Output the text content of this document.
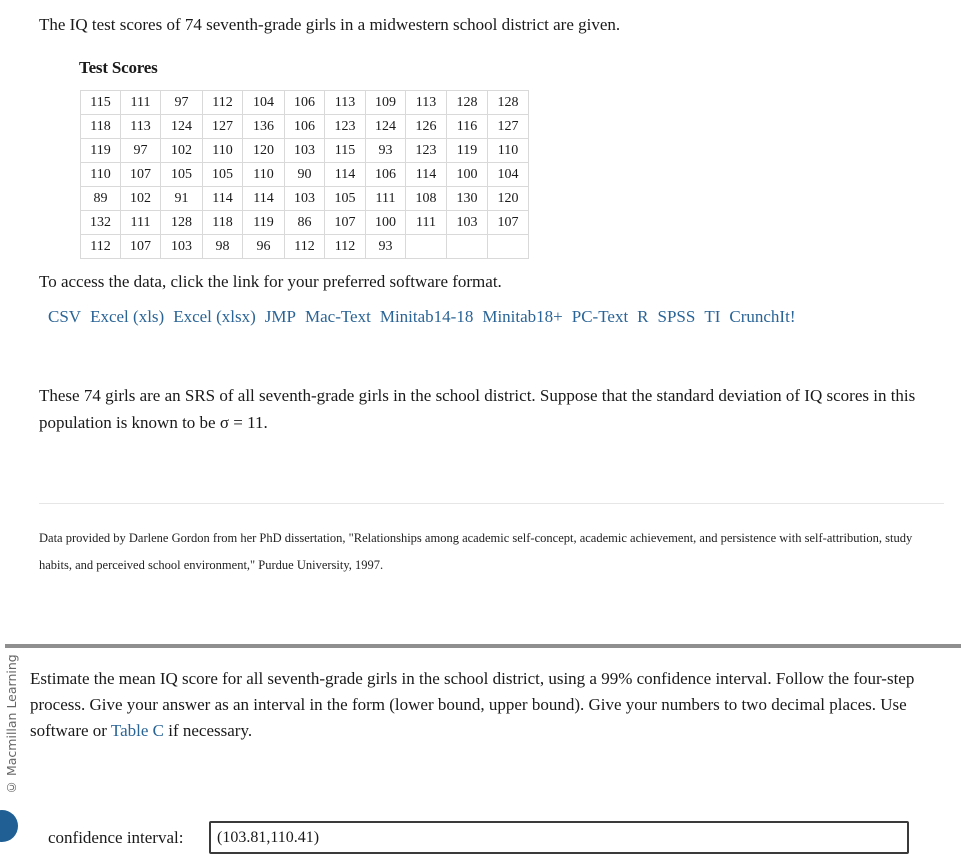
The IQ test scores of 74 seventh-grade girls in a midwestern school district are given.
Test Scores
115	111	97	112	104	106	113	109	113	128	128
118	113	124	127	136	106	123	124	126	116	127
119	97	102	110	120	103	115	93	123	119	110
110	107	105	105	110	90	114	106	114	100	104
89	102	91	114	114	103	105	111	108	130	120
132	111	128	118	119	86	107	100	111	103	107
112	107	103	98	96	112	112	93			
To access the data, click the link for your preferred software format.
CSV Excel (xls) Excel (xlsx) JMP Mac-Text Minitab14-18 Minitab18+ PC-Text R SPSS TI CrunchIt!
These 74 girls are an SRS of all seventh-grade girls in the school district. Suppose that the standard deviation of IQ scores in this population is known to be σ = 11.
Data provided by Darlene Gordon from her PhD dissertation, "Relationships among academic self-concept, academic achievement, and persistence with self-attribution, study habits, and perceived school environment," Purdue University, 1997.
© Macmillan Learning Estimate the mean IQ score for all seventh-grade girls in the school district, using a 99% confidence interval. Follow the four-step process. Give your answer as an interval in the form (lower bound, upper bound). Give your numbers to two decimal places. Use software or Table C if necessary.
confidence interval:
(103.81,110.41)
